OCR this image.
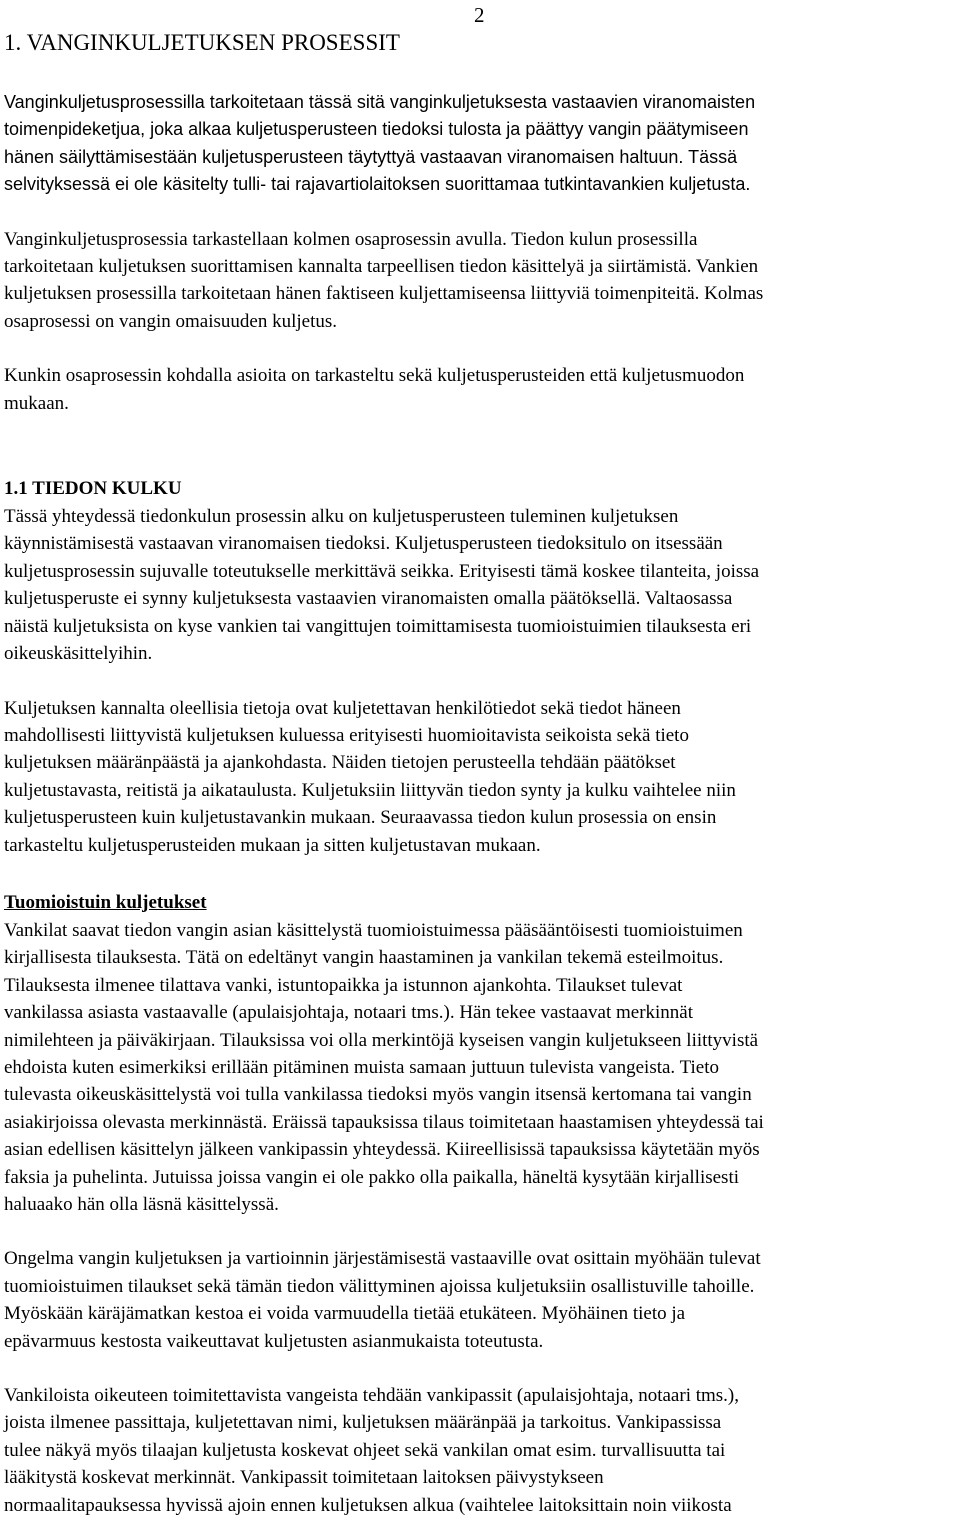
2
1. VANGINKULJETUKSEN PROSESSIT

Vanginkuljetusprosessilla tarkoitetaan tässä sitä vanginkuljetuksesta vastaavien viranomaisten
toimenpideketjua, joka alkaa kuljetusperusteen tiedoksi tulosta ja päättyy vangin päätymiseen
hänen säilyttämisestään kuljetusperusteen täytyttyä vastaavan viranomaisen haltuun. Tässä
selvityksessä ei ole käsitelty tulli- tai rajavartiolaitoksen suorittamaa tutkintavankien kuljetusta.

Vanginkuljetusprosessia tarkastellaan kolmen osaprosessin avulla. Tiedon kulun prosessilla
tarkoitetaan kuljetuksen suorittamisen kannalta tarpeellisen tiedon käsittelyä ja siirtämistä. Vankien
kuljetuksen prosessilla tarkoitetaan hänen faktiseen kuljettamiseensa liittyviä toimenpiteitä. Kolmas
osaprosessi on vangin omaisuuden kuljetus.

Kunkin osaprosessin kohdalla asioita on tarkasteltu sekä kuljetusperusteiden että kuljetusmuodon
mukaan.

1.1 TIEDON KULKU

Tässä yhteydessä tiedonkulun prosessin alku on kuljetusperusteen tuleminen kuljetuksen
käynnistämisestä vastaavan viranomaisen tiedoksi. Kuljetusperusteen tiedoksitulo on itsessään
kuljetusprosessin sujuvalle toteutukselle merkittävä seikka. Erityisesti tämä koskee tilanteita, joissa
kuljetusperuste ei synny kuljetuksesta vastaavien viranomaisten omalla päätöksellä. Valtaosassa
näistä kuljetuksista on kyse vankien tai vangittujen toimittamisesta tuomioistuimien tilauksesta eri
oikeuskäsittelyihin.

Kuljetuksen kannalta oleellisia tietoja ovat kuljetettavan henkilötiedot sekä tiedot häneen
mahdollisesti liittyvistä kuljetuksen kuluessa erityisesti huomioitavista seikoista sekä tieto
kuljetuksen määränpäästä ja ajankohdasta. Näiden tietojen perusteella tehdään päätökset
kuljetustavasta, reitistä ja aikataulusta. Kuljetuksiin liittyvän tiedon synty ja kulku vaihtelee niin
kuljetusperusteen kuin kuljetustavankin mukaan. Seuraavassa tiedon kulun prosessia on ensin
tarkasteltu kuljetusperusteiden mukaan ja sitten kuljetustavan mukaan.

Tuomioistuin kuljetukset

Vankilat saavat tiedon vangin asian käsittelystä tuomioistuimessa pääsääntöisesti tuomioistuimen
kirjallisesta tilauksesta. Tätä on edeltänyt vangin haastaminen ja vankilan tekemä esteilmoitus.
Tilauksesta ilmenee tilattava vanki, istuntopaikka ja istunnon ajankohta. Tilaukset tulevat
vankilassa asiasta vastaavalle (apulaisjohtaja, notaari tms.). Hän tekee vastaavat merkinnät
nimilehteen ja päiväkirjaan. Tilauksissa voi olla merkintöjä kyseisen vangin kuljetukseen liittyvistä
ehdoista kuten esimerkiksi erillään pitäminen muista samaan juttuun tulevista vangeista. Tieto
tulevasta oikeuskäsittelystä voi tulla vankilassa tiedoksi myös vangin itsensä kertomana tai vangin
asiakirjoissa olevasta merkinnästä. Eräissä tapauksissa tilaus toimitetaan haastamisen yhteydessä tai
asian edellisen käsittelyn jälkeen vankipassin yhteydessä. Kiireellisissä tapauksissa käytetään myös
faksia ja puhelinta. Jutuissa joissa vangin ei ole pakko olla paikalla, häneltä kysytään kirjallisesti
haluaako hän olla läsnä käsittelyssä.

Ongelma vangin kuljetuksen ja vartioinnin järjestämisestä vastaaville ovat osittain myöhään tulevat
tuomioistuimen tilaukset sekä tämän tiedon välittyminen ajoissa kuljetuksiin osallistuville tahoille.
Myöskään käräjämatkan kestoa ei voida varmuudella tietää etukäteen. Myöhäinen tieto ja
epävarmuus kestosta vaikeuttavat kuljetusten asianmukaista toteutusta.

Vankiloista oikeuteen toimitettavista vangeista tehdään vankipassit (apulaisjohtaja, notaari tms.),
joista ilmenee passittaja, kuljetettavan nimi, kuljetuksen määränpää ja tarkoitus. Vankipassissa
tulee näkyä myös tilaajan kuljetusta koskevat ohjeet sekä vankilan omat esim. turvallisuutta tai
lääkitystä koskevat merkinnät. Vankipassit toimitetaan laitoksen päivystykseen
normaalitapauksessa hyvissä ajoin ennen kuljetuksen alkua (vaihtelee laitoksittain noin viikosta
